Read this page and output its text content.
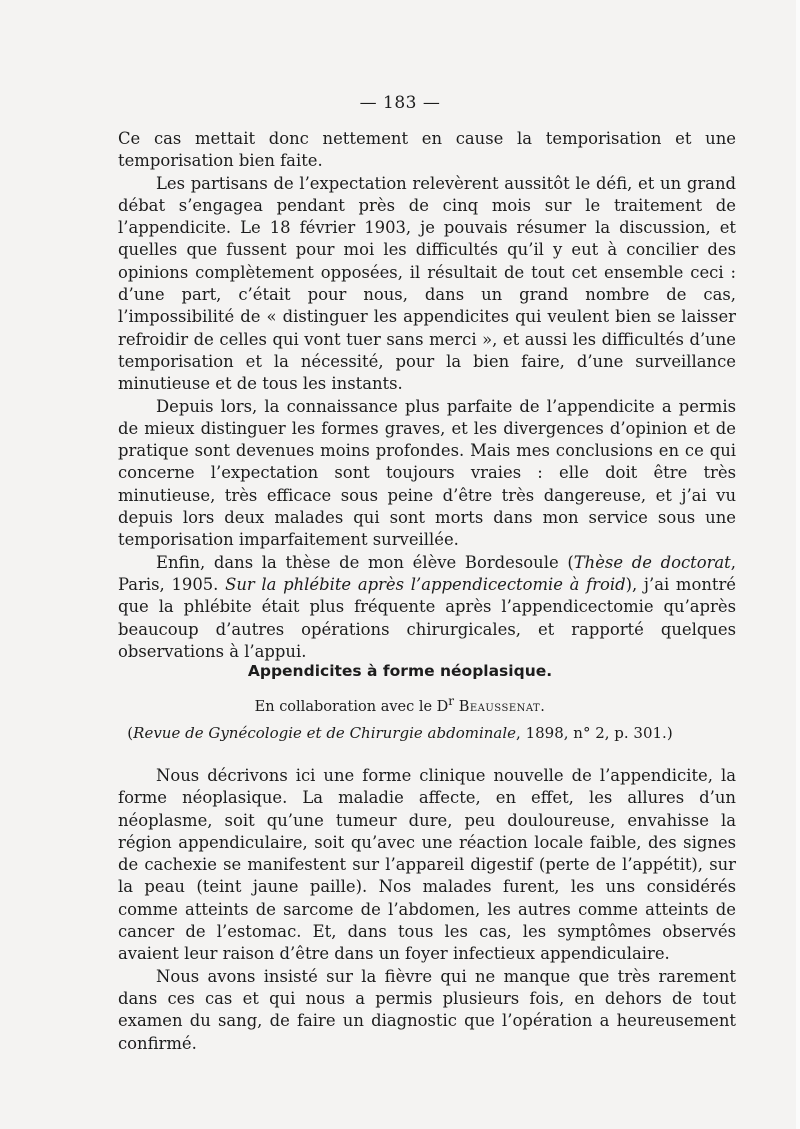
— 183 —

Ce cas mettait donc nettement en cause la temporisation et une temporisation bien faite.

Les partisans de l’expectation relevèrent aussitôt le défi, et un grand débat s’engagea pendant près de cinq mois sur le traitement de l’appendicite. Le 18 février 1903, je pouvais résumer la discussion, et quelles que fussent pour moi les difficultés qu’il y eut à concilier des opinions complètement opposées, il résultait de tout cet ensemble ceci : d’une part, c’était pour nous, dans un grand nombre de cas, l’impossibilité de « distinguer les appendicites qui veulent bien se laisser refroidir de celles qui vont tuer sans merci », et aussi les difficultés d’une temporisation et la nécessité, pour la bien faire, d’une surveillance minutieuse et de tous les instants.

Depuis lors, la connaissance plus parfaite de l’appendicite a permis de mieux distinguer les formes graves, et les divergences d’opinion et de pratique sont devenues moins profondes. Mais mes conclusions en ce qui concerne l’expectation sont toujours vraies : elle doit être très minutieuse, très efficace sous peine d’être très dangereuse, et j’ai vu depuis lors deux malades qui sont morts dans mon service sous une temporisation imparfaitement surveillée.

Enfin, dans la thèse de mon élève Bordesoule (Thèse de doctorat, Paris, 1905. Sur la phlébite après l’appendicectomie à froid), j’ai montré que la phlébite était plus fréquente après l’appendicectomie qu’après beaucoup d’autres opérations chirurgicales, et rapporté quelques observations à l’appui.

Appendicites à forme néoplasique.
En collaboration avec le $D^r$ Beaussenat.
(Revue de Gynécologie et de Chirurgie abdominale, 1898, n° 2, p. 301.)

Nous décrivons ici une forme clinique nouvelle de l’appendicite, la forme néoplasique. La maladie affecte, en effet, les allures d’un néoplasme, soit qu’une tumeur dure, peu douloureuse, envahisse la région appendiculaire, soit qu’avec une réaction locale faible, des signes de cachexie se manifestent sur l’appareil digestif (perte de l’appétit), sur la peau (teint jaune paille). Nos malades furent, les uns considérés comme atteints de sarcome de l’abdomen, les autres comme atteints de cancer de l’estomac. Et, dans tous les cas, les symptômes observés avaient leur raison d’être dans un foyer infectieux appendiculaire.

Nous avons insisté sur la fièvre qui ne manque que très rarement dans ces cas et qui nous a permis plusieurs fois, en dehors de tout examen du sang, de faire un diagnostic que l’opération a heureusement confirmé.
